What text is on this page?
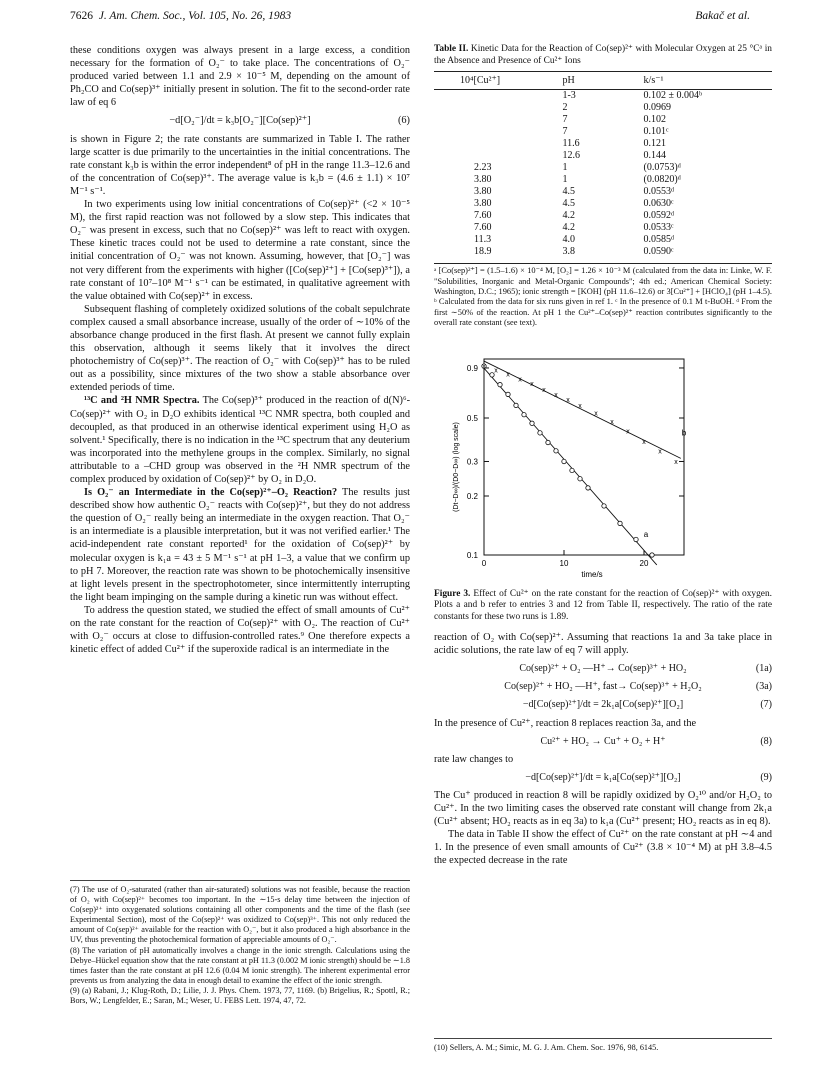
7626 J. Am. Chem. Soc., Vol. 105, No. 26, 1983	Bakač et al.

these conditions oxygen was always present in a large excess, a condition necessary for the formation of O₂⁻ to take place. The concentrations of O₂⁻ produced varied between 1.1 and 2.9 × 10⁻⁵ M, depending on the amount of Ph₂CO and Co(sep)³⁺ initially present in solution. The fit to the second-order rate law of eq 6

−d[O₂⁻]/dt = k₃b[O₂⁻][Co(sep)²⁺]	(6)

is shown in Figure 2; the rate constants are summarized in Table I. The rather large scatter is due primarily to the uncertainties in the initial concentrations. The rate constant k₃b is within the error independent⁸ of pH in the range 11.3–12.6 and of the concentration of Co(sep)³⁺. The average value is k₃b = (4.6 ± 1.1) × 10⁷ M⁻¹ s⁻¹.

In two experiments using low initial concentrations of Co(sep)²⁺ (<2 × 10⁻⁵ M), the first rapid reaction was not followed by a slow step. This indicates that O₂⁻ was present in excess, such that no Co(sep)²⁺ was left to react with oxygen. These kinetic traces could not be used to determine a rate constant, since the initial concentration of O₂⁻ was not known. Assuming, however, that [O₂⁻] was not very different from the experiments with higher ([Co(sep)²⁺] + [Co(sep)³⁺]), a rate constant of 10⁷–10⁸ M⁻¹ s⁻¹ can be estimated, in qualitative agreement with the value obtained with Co(sep)²⁺ in excess.

Subsequent flashing of completely oxidized solutions of the cobalt sepulchrate complex caused a small absorbance increase, usually of the order of ∼10% of the absorbance change produced in the first flash. At present we cannot fully explain this observation, although it seems likely that it involves the direct photochemistry of Co(sep)³⁺. The reaction of O₂⁻ with Co(sep)³⁺ has to be ruled out as a possibility, since mixtures of the two show a stable absorbance over extended periods of time.

¹³C and ²H NMR Spectra. The Co(sep)³⁺ produced in the reaction of d(N)⁶-Co(sep)²⁺ with O₂ in D₂O exhibits identical ¹³C NMR spectra, both coupled and decoupled, as that produced in an otherwise identical experiment using H₂O as solvent.¹ Specifically, there is no indication in the ¹³C spectrum that any deuterium was incorporated into the methylene groups in the complex. Similarly, no signal attributable to a –CHD group was observed in the ²H NMR spectrum of the complex produced by oxidation of Co(sep)²⁺ by O₂ in D₂O.

Is O₂⁻ an Intermediate in the Co(sep)²⁺–O₂ Reaction? The results just described show how authentic O₂⁻ reacts with Co(sep)²⁺, but they do not address the question of O₂⁻ really being an intermediate in the oxygen reaction. That O₂⁻ is an intermediate is a plausible interpretation, but it was not verified earlier.¹ The acid-independent rate constant reported¹ for the oxidation of Co(sep)²⁺ by molecular oxygen is k₁a = 43 ± 5 M⁻¹ s⁻¹ at pH 1–3, a value that we confirm up to pH 7. Moreover, the reaction rate was shown to be photochemically insensitive at light levels present in the spectrophotometer, since intermittently interrupting the light beam impinging on the sample during a kinetic run was without effect.

To address the question stated, we studied the effect of small amounts of Cu²⁺ on the rate constant for the reaction of Co(sep)²⁺ with O₂. The reaction of Cu²⁺ with O₂⁻ occurs at close to diffusion-controlled rates.⁹ One therefore expects a kinetic effect of added Cu²⁺ if the superoxide radical is an intermediate in the

(7) The use of O₂-saturated (rather than air-saturated) solutions was not feasible, because the reaction of O₂ with Co(sep)²⁺ becomes too important. In the ∼15-s delay time between the injection of Co(sep)²⁺ into oxygenated solutions containing all other components and the time of the flash (see Experimental Section), most of the Co(sep)²⁺ was oxidized to Co(sep)³⁺. This not only reduced the amount of Co(sep)²⁺ available for the reaction with O₂⁻, but it also produced a high absorbance in the UV, thus preventing the photochemical formation of appreciable amounts of O₂⁻.

(8) The variation of pH automatically involves a change in the ionic strength. Calculations using the Debye–Hückel equation show that the rate constant at pH 11.3 (0.002 M ionic strength) should be ∼1.8 times faster than the rate constant at pH 12.6 (0.04 M ionic strength). The inherent experimental error prevents us from analyzing the data in enough detail to examine the effect of the ionic strength.

(9) (a) Rabani, J.; Klug-Roth, D.; Lilie, J. J. Phys. Chem. 1973, 77, 1169. (b) Brigelius, R.; Spottl, R.; Bors, W.; Lengfelder, E.; Saran, M.; Weser, U. FEBS Lett. 1974, 47, 72.

Table II. Kinetic Data for the Reaction of Co(sep)²⁺ with Molecular Oxygen at 25 °Cᵃ in the Absence and Presence of Cu²⁺ Ions
10⁴[Cu²⁺]	pH	k/s⁻¹
	1-3	0.102 ± 0.004ᵇ
	2	0.0969
	7	0.102
	7	0.101ᶜ
	11.6	0.121
	12.6	0.144
2.23	1	(0.0753)ᵈ
3.80	1	(0.0820)ᵈ
3.80	4.5	0.0553ᵈ
3.80	4.5	0.0630ᶜ
7.60	4.2	0.0592ᵈ
7.60	4.2	0.0533ᶜ
11.3	4.0	0.0585ᵈ
18.9	3.8	0.0590ᶜ
ᵃ [Co(sep)²⁺] = (1.5–1.6) × 10⁻⁴ M, [O₂] = 1.26 × 10⁻³ M (calculated from the data in: Linke, W. F. "Solubilities, Inorganic and Metal-Organic Compounds"; 4th ed.; American Chemical Society: Washington, D.C.; 1965); ionic strength = [KOH] (pH 11.6–12.6) or 3[Cu²⁺] + [HClO₄] (pH 1–4.5). ᵇ Calculated from the data for six runs given in ref 1. ᶜ In the presence of 0.1 M t-BuOH. ᵈ From the first ∼50% of the reaction. At pH 1 the Cu²⁺–Co(sep)²⁺ reaction contributes significantly to the overall rate constant (see text).
0.1
0.2
0.3
0.5
0.9
0	10	20
time/s
(Dt−D∞)/(D0−D∞) (log scale)
a
x
x
x
x
x
x
x
x
x
x
x
x
x
x
x
b
Figure 3. Effect of Cu²⁺ on the rate constant for the reaction of Co(sep)²⁺ with oxygen. Plots a and b refer to entries 3 and 12 from Table II, respectively. The ratio of the rate constants for these two runs is 1.89.

reaction of O₂ with Co(sep)²⁺. Assuming that reactions 1a and 3a take place in acidic solutions, the rate law of eq 7 will apply.

Co(sep)²⁺ + O₂ —H⁺→ Co(sep)³⁺ + HO₂	(1a)
Co(sep)²⁺ + HO₂ —H⁺, fast→ Co(sep)³⁺ + H₂O₂	(3a)
−d[Co(sep)²⁺]/dt = 2k₁a[Co(sep)²⁺][O₂]	(7)

In the presence of Cu²⁺, reaction 8 replaces reaction 3a, and the

Cu²⁺ + HO₂ → Cu⁺ + O₂ + H⁺	(8)

rate law changes to

−d[Co(sep)²⁺]/dt = k₁a[Co(sep)²⁺][O₂]	(9)

The Cu⁺ produced in reaction 8 will be rapidly oxidized by O₂¹⁰ and/or H₂O₂ to Cu²⁺. In the two limiting cases the observed rate constant will change from 2k₁a (Cu²⁺ absent; HO₂ reacts as in eq 3a) to k₁a (Cu²⁺ present; HO₂ reacts as in eq 8).

The data in Table II show the effect of Cu²⁺ on the rate constant at pH ∼4 and 1. In the presence of even small amounts of Cu²⁺ (3.8 × 10⁻⁴ M) at pH 3.8–4.5 the expected decrease in the rate

(10) Sellers, A. M.; Simic, M. G. J. Am. Chem. Soc. 1976, 98, 6145.
